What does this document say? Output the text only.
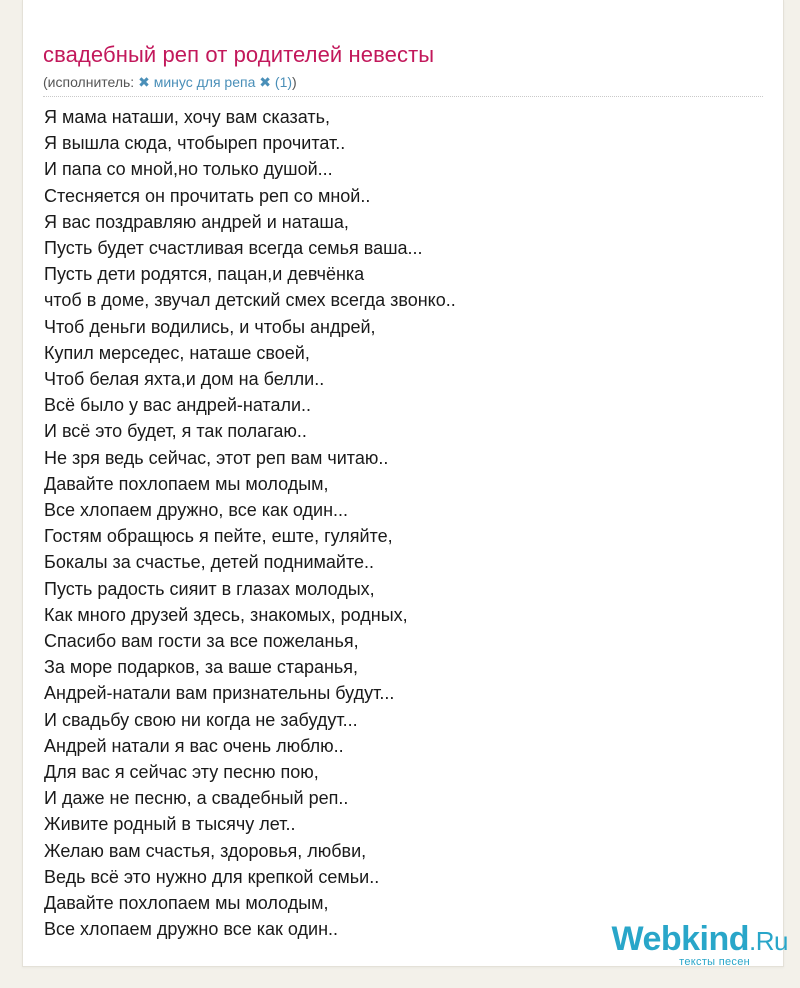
свадебный реп от родителей невесты
(исполнитель: ✖ минус для репа ✖ (1))
Я мама наташи, хочу вам сказать,
Я вышла сюда, чтобыреп прочитат..
И папа со мной,но только душой...
Стесняется он прочитать реп со мной..
Я вас поздравляю андрей и наташа,
Пусть будет счастливая всегда семья ваша...
Пусть дети родятся, пацан,и девчёнка
чтоб в доме, звучал детский смех всегда звонко..
Чтоб деньги водились, и чтобы андрей,
Купил мерседес, наташе своей,
Чтоб белая яхта,и дом на белли..
Всё было у вас андрей-натали..
И всё это будет, я так полагаю..
Не зря ведь сейчас, этот реп вам читаю..
Давайте похлопаем мы молодым,
Все хлопаем дружно, все как один...
Гостям обращюсь я пейте, еште, гуляйте,
Бокалы за счастье, детей поднимайте..
Пусть радость сияит в глазах молодых,
Как много друзей здесь, знакомых, родных,
Спасибо вам гости за все пожеланья,
За море подарков, за ваше старанья,
Андрей-натали вам признательны будут...
И свадьбу свою ни когда не забудут...
Андрей натали я вас очень люблю..
Для вас я сейчас эту песню пою,
И даже не песню, а свадебный реп..
Живите родный в тысячу лет..
Желаю вам счастья, здоровья, любви,
Ведь всё это нужно для крепкой семьи..
Давайте похлопаем мы молодым,
Все хлопаем дружно все как один..	Webkind.Ru
тексты песен
